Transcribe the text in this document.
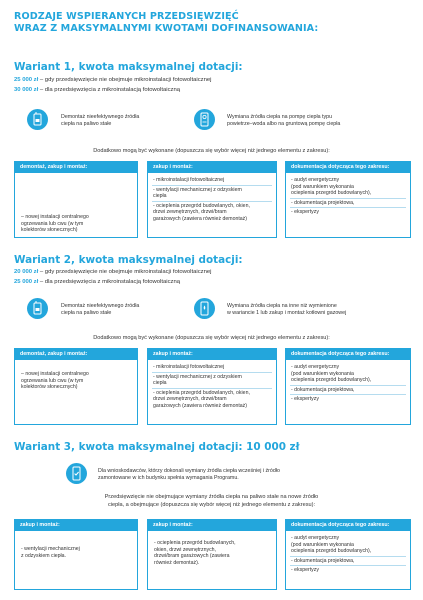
RODZAJE WSPIERANYCH PRZEDSIĘWZIĘĆ
WRAZ Z MAKSYMALNYMI KWOTAMI DOFINANSOWANIA:
Wariant 1, kwota maksymalnej dotacji:
25 000 zł – gdy przedsięwzięcie nie obejmuje mikroinstalacji fotowoltaicznej
30 000 zł – dla przedsięwzięcia z mikroinstalacją fotowoltaiczną
Demontaż nieefektywnego źródła
ciepła na paliwo stałe
Wymiana źródła ciepła na pompę ciepła typu
powietrze–woda albo na gruntową pompę ciepła
Dodatkowo mogą być wykonane (dopuszcza się wybór więcej niż jednego elementu z zakresu):
demontaż, zakup i montaż:
– nowej instalacji centralnego
ogrzewania lub cwu (w tym
kolektorów słonecznych)
zakup i montaż:
- mikroinstalacji fotowoltaicznej
- wentylacji mechanicznej z odzyskiem
ciepła
- ocieplenia przegród budowlanych, okien,
drzwi zewnętrznych, drzwi/bram
garażowych (zawiera również demontaż)
dokumentacja dotycząca tego zakresu:
- audyt energetyczny
(pod warunkiem wykonania
ocieplenia przegród budowlanych),
- dokumentacja projektowa,
- ekspertyzy
Wariant 2, kwota maksymalnej dotacji:
20 000 zł – gdy przedsięwzięcie nie obejmuje mikroinstalacji fotowoltaicznej
25 000 zł – dla przedsięwzięcia z mikroinstalacją fotowoltaiczną
Demontaż nieefektywnego źródła
ciepła na paliwo stałe
Wymiana źródła ciepła na inne niż wymienione
w wariancie 1 lub zakup i montaż kotłowni gazowej
Dodatkowo mogą być wykonane (dopuszcza się wybór więcej niż jednego elementu z zakresu):
demontaż, zakup i montaż:
– nowej instalacji centralnego
ogrzewania lub cwu (w tym
kolektorów słonecznych)
zakup i montaż:
- mikroinstalacji fotowoltaicznej
- wentylacji mechanicznej z odzyskiem
ciepła
- ocieplenia przegród budowlanych, okien,
drzwi zewnętrznych, drzwi/bram
garażowych (zawiera również demontaż)
dokumentacja dotycząca tego zakresu:
- audyt energetyczny
(pod warunkiem wykonania
ocieplenia przegród budowlanych),
- dokumentacja projektowa,
- ekspertyzy
Wariant 3, kwota maksymalnej dotacji: 10 000 zł
Dla wnioskodawców, którzy dokonali wymiany źródła ciepła wcześniej i źródło
zamontowane w ich budynku spełnia wymagania Programu.
Przedsięwzięcie nie obejmujące wymiany źródła ciepła na paliwo stałe na nowe źródło
ciepła, a obejmujące (dopuszcza się wybór więcej niż jednego elementu z zakresu):
zakup i montaż:
- wentylacji mechanicznej
z odzyskiem ciepła.
zakup i montaż:
- ocieplenia przegród budowlanych,
okien, drzwi zewnętrznych,
drzwi/bram garażowych (zawiera
również demontaż).
dokumentacja dotycząca tego zakresu:
- audyt energetyczny
(pod warunkiem wykonania
ocieplenia przegród budowlanych),
- dokumentacja projektowa,
- ekspertyzy
